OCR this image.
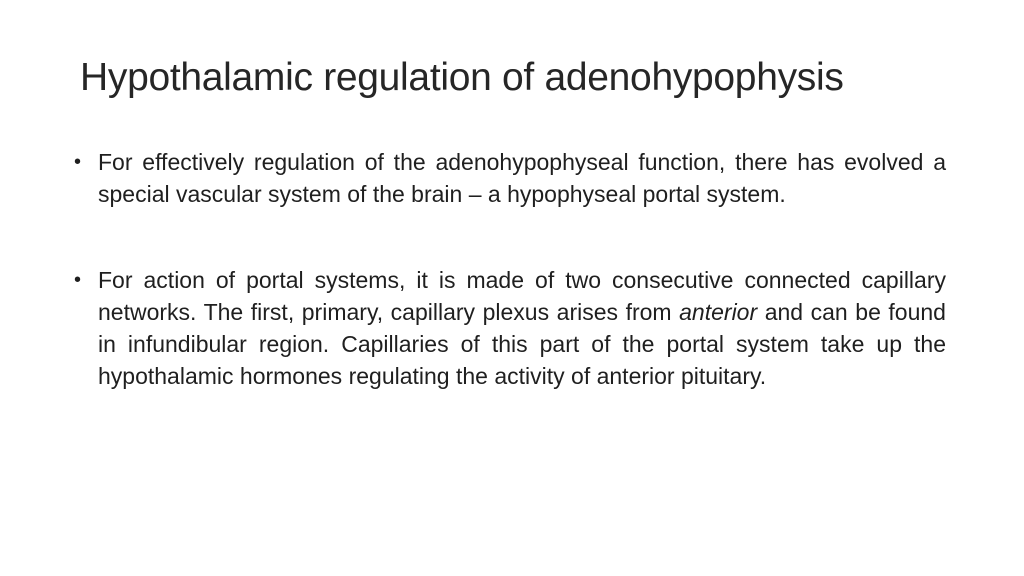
Hypothalamic regulation of adenohypophysis
• For effectively regulation of the adenohypophyseal function, there has evolved a special vascular system of the brain – a hypophyseal portal system.
• For action of portal systems, it is made of two consecutive connected capillary networks. The first, primary, capillary plexus arises from anterior and can be found in infundibular region. Capillaries of this part of the portal system take up the hypothalamic hormones regulating the activity of anterior pituitary.
